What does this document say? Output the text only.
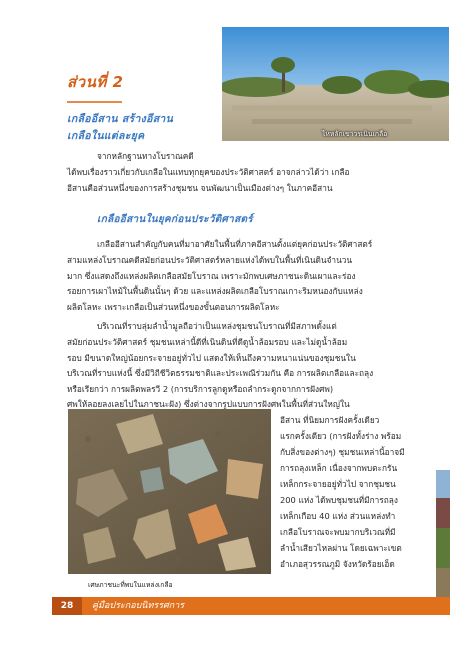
ไหหลักเขาวรเนินเกลือ
ส่วนที่ 2
เกลืออีสาน สร้างอีสาน
เกลือในแต่ละยุค
จากหลักฐานทางโบราณคดี
ได้พบเรื่องราวเกี่ยวกับเกลือในแทบทุกยุคของประวัติศาสตร์ อาจกล่าวได้ว่า เกลือ
อีสานคือส่วนหนึ่งของการสร้างชุมชน จนพัฒนาเป็นเมืองต่างๆ ในภาคอีสาน
เกลืออีสานในยุคก่อนประวัติศาสตร์
เกลืออีสานสำคัญกับคนที่มาอาศัยในพื้นที่ภาคอีสานตั้งแต่ยุคก่อนประวัติศาสตร์
สามแหล่งโบราณคดีสมัยก่อนประวัติศาสตร์หลายแห่งได้พบในพื้นที่เนินดินจำนวน
มาก ซึ่งแสดงถึงแหล่งผลิตเกลือสมัยโบราณ เพราะมักพบเศษภาชนะดินเผาและร่อง
รอยการเผาไหม้ในพื้นดินนั้นๆ ด้วย และแหล่งผลิตเกลือโบราณเกาะริมหนองกับแหล่ง
ผลิตโลหะ เพราะเกลือเป็นส่วนหนึ่งของขั้นตอนการผลิตโลหะ
บริเวณที่ราบลุ่มลำน้ำมูลถือว่าเป็นแหล่งชุมชนโบราณที่มีสภาพดั้งแต่
สมัยก่อนประวัติศาสตร์ ชุมชนเหล่านี้ดีที่เนินดินที่ดีดูน้ำล้อมรอบ และไม่ดูน้ำล้อม
รอบ มีขนาดใหญ่น้อยกระจายอยู่ทั่วไป แสดงให้เห็นถึงความหนาแน่นของชุมชนใน
บริเวณที่ราบแห่งนี้ ซึ่งมีวิถีชีวิตธรรมชาติและประเพณีร่วมกัน คือ การผลิตเกลือและถลุง
หรือเรียกว่า การผลิตพลรวี 2 (การบริการลูกดูหรือถลำกระดูกจากการฝังศพ)
ศพให้ลอยลงเลยไปในภาชนะฝัง) ซึ่งต่างจากรูปแบบการฝังศพในพื้นที่ส่วนใหญ่ใน
อีสาน ที่นิยมการฝังครั้งเดียว
แรกครั้งเดียว (การฝังทั้งร่าง พร้อม
กับสิ่งของต่างๆ) ชุมชนเหล่านี้อาจมี
การถลุงเหล็ก เนื่องจากพบตะกรัน
เหล็กกระจายอยู่ทั่วไป จากชุมชน
200 แห่ง ได้พบชุมชนที่มีการถลุง
เหล็กเกือบ 40 แห่ง ส่วนแหล่งทำ
เกลือโบราณจะพบมากบริเวณที่มี
ลำน้ำเสียวไหลผ่าน โดยเฉพาะเขต
อำเภอสุวรรณภูมิ จังหวัดร้อยเอ็ด
เศษภาชนะที่พบในแหล่งเกลือ
28	คู่มือประกอบนิทรรศการ
